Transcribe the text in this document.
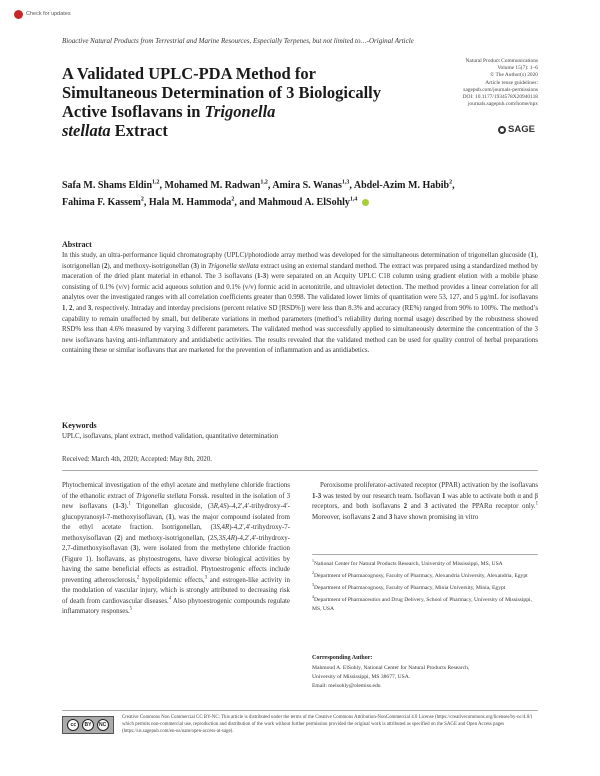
Check for updates
Bioactive Natural Products from Terrestrial and Marine Resources, Especially Terpenes, but not limited to…-Original Article
A Validated UPLC-PDA Method for
Simultaneous Determination of 3 Biologically
Active Isoflavans in Trigonella
stellata Extract
Natural Product Communications
Volume 15(7): 1–6
© The Author(s) 2020
Article reuse guidelines:
sagepub.com/journals-permissions
DOI: 10.1177/1934578X20940118
journals.sagepub.com/home/npx
SAGE
Safa M. Shams Eldin$^{1,2}$, Mohamed M. Radwan$^{1,2}$, Amira S. Wanas$^{1,3}$, Abdel-Azim M. Habib$^2$,
Fahima F. Kassem$^2$, Hala M. Hammoda$^2$, and Mahmoud A. ElSohly$^{1,4}$
Abstract
In this study, an ultra-performance liquid chromatography (UPLC)/photodiode array method was developed for the simultaneous determination of trigonellan glucoside (1), isotrigonellan (2), and methoxy-isotrigonellan (3) in Trigonella stellata extract using an external standard method. The extract was prepared using a standardized method by maceration of the dried plant material in ethanol. The 3 isoflavans (1-3) were separated on an Acquity UPLC C18 column using gradient elution with a mobile phase consisting of 0.1% (v/v) formic acid aqueous solution and 0.1% (v/v) formic acid in acetonitrile, and ultraviolet detection. The method provides a linear correlation for all analytes over the investigated ranges with all correlation coefficients greater than 0.998. The validated lower limits of quantitation were 53, 127, and 5 μg/mL for isoflavans 1, 2, and 3, respectively. Intraday and interday precisions (percent relative SD [RSD%]) were less than 8.3% and accuracy (RE%) ranged from 90% to 100%. The method’s capability to remain unaffected by small, but deliberate variations in method parameters (method’s reliability during normal usage) described by the robustness showed RSD% less than 4.6% measured by varying 3 different parameters. The validated method was successfully applied to simultaneously determine the concentration of the 3 new isoflavans having anti-inflammatory and antidiabetic activities. The results revealed that the validated method can be used for quality control of herbal preparations containing these or similar isoflavans that are marketed for the prevention of inflammation and as antidiabetics.
Keywords
UPLC, isoflavans, plant extract, method validation, quantitative determination
Received: March 4th, 2020; Accepted: May 8th, 2020.
Phytochemical investigation of the ethyl acetate and methylene chloride fractions of the ethanolic extract of Trigonella stellata Forssk. resulted in the isolation of 3 new isoflavans (1-3).$^1$ Trigonellan glucoside, (3R,4S)–4,2′,4′-trihydroxy-4′-glucopyranosyl-7-methoxyisoflavan, (1), was the major compound isolated from the ethyl acetate fraction. Isotrigonellan, (3S,4R)-4,2′,4′-trihydroxy-7-methoxyisoflavan (2) and methoxy-isotrigonellan, (2S,3S,4R)-4,2′,4′-trihydroxy-2,7-dimethoxyisoflavan (3), were isolated from the methylene chloride fraction (Figure 1). Isoflavans, as phytoestrogens, have diverse biological activities by having the same beneficial effects as estradiol. Phytoestrogenic effects include preventing atherosclerosis,$^2$ hypolipidemic effects,$^3$ and estrogen-like activity in the modulation of vascular injury, which is strongly attributed to decreasing risk of death from cardiovascular diseases.$^4$ Also phytoestrogenic compounds regulate inflammatory responses.$^5$
Peroxisome proliferator-activated receptor (PPAR) activation by the isoflavans 1-3 was tested by our research team. Isoflavan 1 was able to activate both α and β receptors, and both isoflavans 2 and 3 activated the PPARα receptor only.$^1$ Moreover, isoflavans 2 and 3 have shown promising in vitro

$^1$National Center for Natural Products Research, University of Mississippi, MS, USA

$^2$Department of Pharmacognosy, Faculty of Pharmacy, Alexandria University, Alexandria, Egypt

$^3$Department of Pharmacognosy, Faculty of Pharmacy, Minia University, Minia, Egypt

$^4$Department of Pharmaceutics and Drug Delivery, School of Pharmacy, University of Mississippi, MS, USA

Corresponding Author:
Mahmoud A. ElSohly, National Center for Natural Products Research,
University of Mississippi, MS 38677, USA.
Email: melsohly@olemiss.edu
cc	BY	NC
Creative Commons Non Commercial CC BY-NC: This article is distributed under the terms of the Creative Commons Attribution-NonCommercial 4.0 License (https://creativecommons.org/licenses/by-nc/4.0/) which permits non-commercial use, reproduction and distribution of the work without further permission provided the original work is attributed as specified on the SAGE and Open Access pages (https://us.sagepub.com/en-us/nam/open-access-at-sage).
